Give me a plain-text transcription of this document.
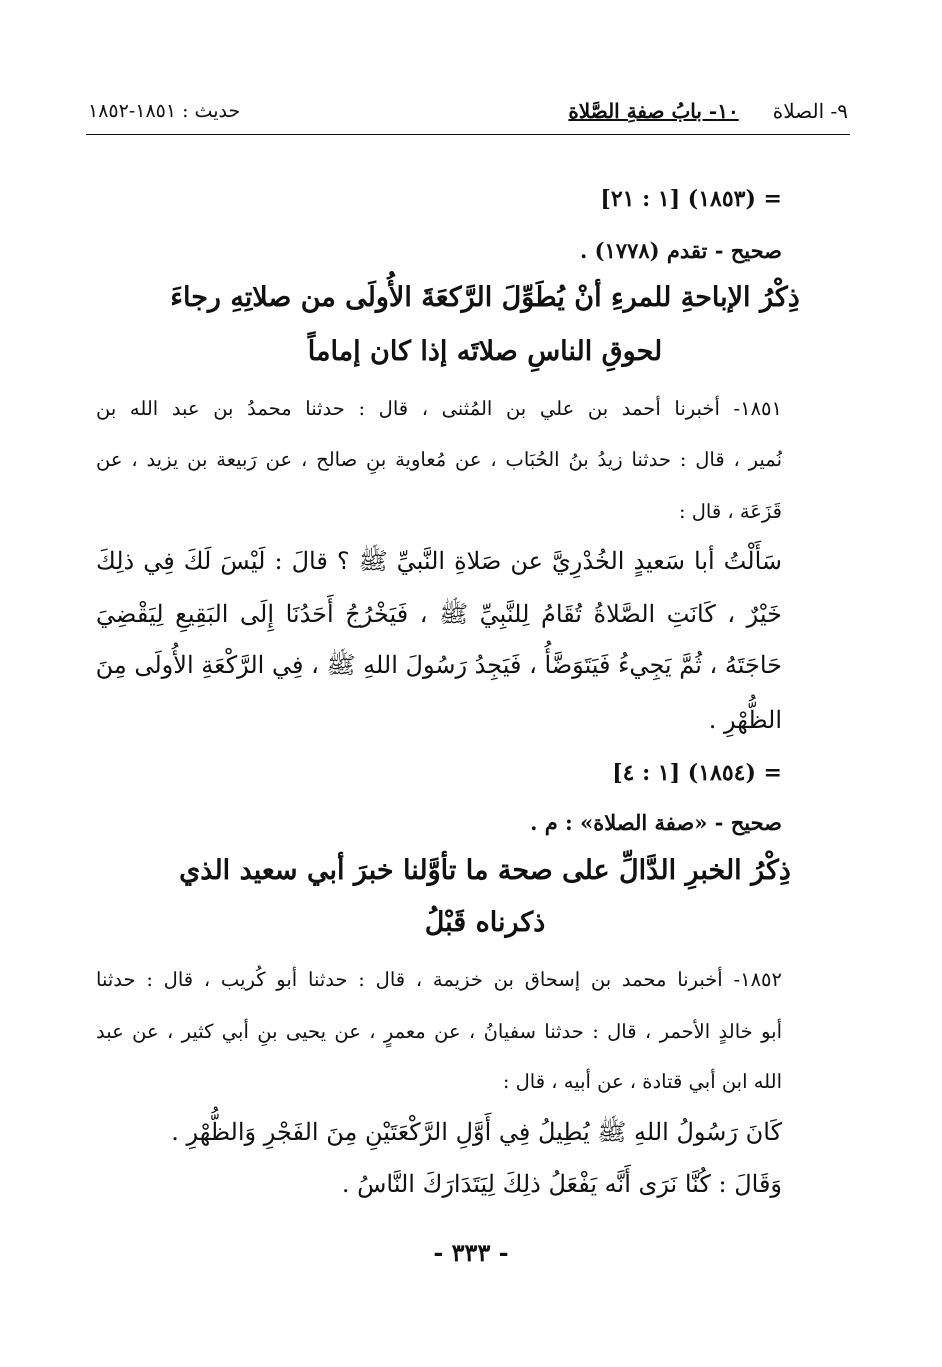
٩- الصلاة
١٠- بابُ صفةِ الصَّلاة
حديث : ١٨٥١-١٨٥٢
= (١٨٥٣) [١ : ٢١]
صحيح - تقدم (١٧٧٨) .
ذِكْرُ الإباحةِ للمرءِ أنْ يُطَوِّلَ الرَّكعَةَ الأُولَى من صلاتِهِ رجاءَ
لحوقِ الناسِ صلاتَه إذا كان إماماً
١٨٥١- أخبرنا أحمد بن علي بن المُثنى ، قال : حدثنا محمدُ بن عبد الله بن
نُمير ، قال : حدثنا زيدُ بنُ الحُبَاب ، عن مُعاوية بنِ صالح ، عن رَبيعة بن يزيد ، عن
قَزَعَة ، قال :
سَأَلْتُ أبا سَعيدٍ الخُدْرِيَّ عن صَلاةِ النَّبيِّ ﷺ ؟ قالَ : لَيْسَ لَكَ فِي ذلِكَ
خَيْرٌ ، كَانَتِ الصَّلاةُ تُقَامُ لِلنَّبِيِّ ﷺ ، فَيَخْرُجُ أَحَدُنَا إِلَى البَقِيعِ لِيَقْضِيَ
حَاجَتَهُ ، ثُمَّ يَجِيءُ فَيَتَوَضَّأُ ، فَيَجِدُ رَسُولَ اللهِ ﷺ ، فِي الرَّكْعَةِ الأُولَى مِنَ
الظُّهْرِ .
= (١٨٥٤) [١ : ٤]
صحيح - «صفة الصلاة» : م .
ذِكْرُ الخبرِ الدَّالِّ على صحة ما تأوَّلنا خبرَ أبي سعيد الذي
ذكرناه قَبْلُ
١٨٥٢- أخبرنا محمد بن إسحاق بن خزيمة ، قال : حدثنا أبو كُريب ، قال : حدثنا
أبو خالدٍ الأحمر ، قال : حدثنا سفيانُ ، عن معمرٍ ، عن يحيى بنِ أبي كثير ، عن عبد
الله ابن أبي قتادة ، عن أبيه ، قال :
كَانَ رَسُولُ اللهِ ﷺ يُطِيلُ فِي أَوَّلِ الرَّكْعَتَيْنِ مِنَ الفَجْرِ وَالظُّهْرِ .
وَقَالَ : كُنَّا نَرَى أَنَّه يَفْعَلُ ذلِكَ لِيَتَدَارَكَ النَّاسُ .
- ٣٣٣ -
